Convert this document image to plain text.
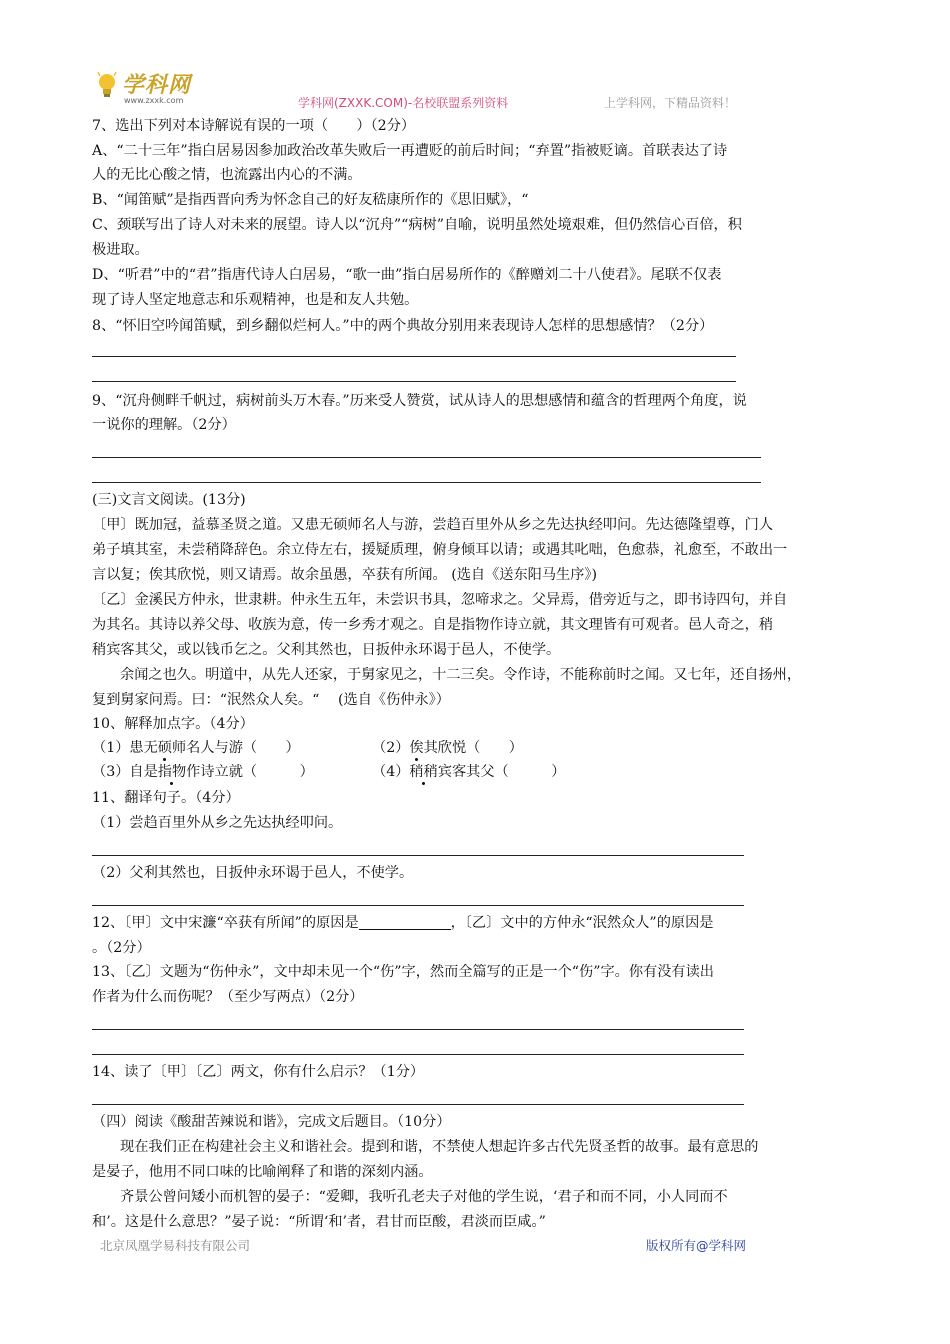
学科网
www.zxxk.com	学科网(ZXXK.COM)-名校联盟系列资料	上学科网，下精品资料！
7、选出下列对本诗解说有误的一项（　　）（2分）
A、“二十三年”指白居易因参加政治改革失败后一再遭贬的前后时间；“弃置”指被贬谪。首联表达了诗
人的无比心酸之情，也流露出内心的不满。
B、“闻笛赋”是指西晋向秀为怀念自己的好友嵇康所作的《思旧赋》，“
C、颈联写出了诗人对未来的展望。诗人以“沉舟”“病树”自喻，说明虽然处境艰难，但仍然信心百倍，积
极进取。
D、“听君”中的“君”指唐代诗人白居易，“歌一曲”指白居易所作的《醉赠刘二十八使君》。尾联不仅表
现了诗人坚定地意志和乐观精神，也是和友人共勉。
8、“怀旧空吟闻笛赋，到乡翻似烂柯人。”中的两个典故分别用来表现诗人怎样的思想感情？（2分）
9、“沉舟侧畔千帆过，病树前头万木春。”历来受人赞赏，试从诗人的思想感情和蕴含的哲理两个角度，说
一说你的理解。（2分）
(三)文言文阅读。(13分)
〔甲〕既加冠，益慕圣贤之道。又患无硕师名人与游，尝趋百里外从乡之先达执经叩问。先达德隆望尊，门人
弟子填其室，未尝稍降辞色。余立侍左右，援疑质理，俯身倾耳以请；或遇其叱咄，色愈恭，礼愈至，不敢出一
言以复；俟其欣悦，则又请焉。故余虽愚，卒获有所闻。 (选自《送东阳马生序》)
〔乙〕金溪民方仲永，世隶耕。仲永生五年，未尝识书具，忽啼求之。父异焉，借旁近与之，即书诗四句，并自
为其名。其诗以养父母、收族为意，传一乡秀才观之。自是指物作诗立就，其文理皆有可观者。邑人奇之，稍
稍宾客其父，或以钱币乞之。父利其然也，日扳仲永环谒于邑人，不使学。
余闻之也久。明道中，从先人还家，于舅家见之，十二三矣。令作诗，不能称前时之闻。又七年，还自扬州，
复到舅家问焉。曰：“泯然众人矣。“　 (选自《伤仲永》）
10、解释加点字。（4分）
（1）患无硕师名人与游（　　）	（2）俟其欣悦（　　）
（3）自是指物作诗立就（　　　）	（4）稍稍宾客其父（　　　）
11、翻译句子。（4分）
（1）尝趋百里外从乡之先达执经叩问。
（2）父利其然也，日扳仲永环谒于邑人，不使学。
12、〔甲〕文中宋濂“卒获有所闻”的原因是	，〔乙〕文中的方仲永“泯然众人”的原因是
。（2分）
13、〔乙〕文题为“伤仲永”，文中却未见一个“伤”字，然而全篇写的正是一个“伤”字。你有没有读出
作者为什么而伤呢？（至少写两点）（2分）
14、读了〔甲〕〔乙〕两文，你有什么启示？（1分）
（四）阅读《酸甜苦辣说和谐》，完成文后题目。（10分）
现在我们正在构建社会主义和谐社会。提到和谐，不禁使人想起许多古代先贤圣哲的故事。最有意思的
是晏子，他用不同口味的比喻阐释了和谐的深刻内涵。
齐景公曾问矮小而机智的晏子：“爱卿，我听孔老夫子对他的学生说，‘君子和而不同，小人同而不
和’。这是什么意思？”晏子说：“所谓‘和’者，君甘而臣酸，君淡而臣咸。”
北京凤凰学易科技有限公司	版权所有@学科网
